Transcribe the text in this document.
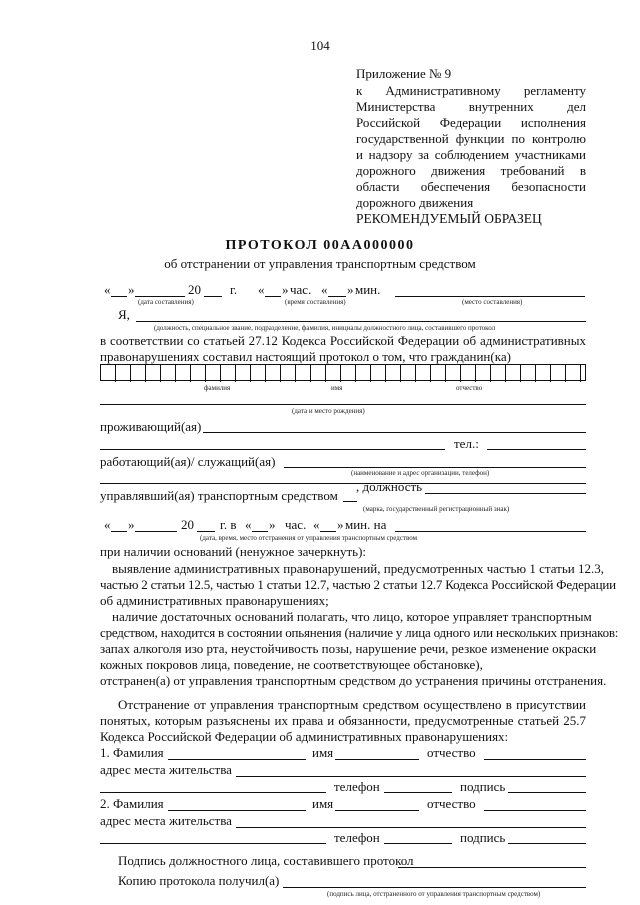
104
Приложение № 9
к Административному регламенту
Министерства внутренних дел
Российской Федерации исполнения
государственной функции по контролю
и надзору за соблюдением участниками
дорожного движения требований в
области обеспечения безопасности
дорожного движения
РЕКОМЕНДУЕМЫЙ ОБРАЗЕЦ
ПРОТОКОЛ 00АА000000
об отстранении от управления транспортным средством
« »	20 г. « » час. « » мин.
(дата составления)	(время составления)	(место составления)
Я,
(должность, специальное звание, подразделение, фамилия, инициалы должностного лица, составившего протокол
в соответствии со статьей 27.12 Кодекса Российской Федерации об административных
правонарушениях составил настоящий протокол о том, что гражданин(ка)
фамилия	имя	отчество
(дата и место рождения)
проживающий(ая)
тел.:
работающий(ая)/ служащий(ая)
(наименование и адрес организации, телефон)
управлявший(ая) транспортным средством
, должность
(марка, государственный регистрационный знак)
« »	20 г. в « » час. « » мин. на
(дата, время, место отстранения от управления транспортным средством
при наличии оснований (ненужное зачеркнуть):
выявление административных правонарушений, предусмотренных частью 1 статьи 12.3,
частью 2 статьи 12.5, частью 1 статьи 12.7, частью 2 статьи 12.7 Кодекса Российской Федерации
об административных правонарушениях;
наличие достаточных оснований полагать, что лицо, которое управляет транспортным
средством, находится в состоянии опьянения (наличие у лица одного или нескольких признаков:
запах алкоголя изо рта, неустойчивость позы, нарушение речи, резкое изменение окраски
кожных покровов лица, поведение, не соответствующее обстановке),
отстранен(а) от управления транспортным средством до устранения причины отстранения.
Отстранение от управления транспортным средством осуществлено в присутствии
понятых, которым разъяснены их права и обязанности, предусмотренные статьей 25.7
Кодекса Российской Федерации об административных правонарушениях:
1. Фамилия	имя	отчество
адрес места жительства
телефон	подпись
2. Фамилия	имя	отчество
адрес места жительства
телефон	подпись
Подпись должностного лица, составившего протокол
Копию протокола получил(а)
(подпись лица, отстраненного от управления транспортным средством)
